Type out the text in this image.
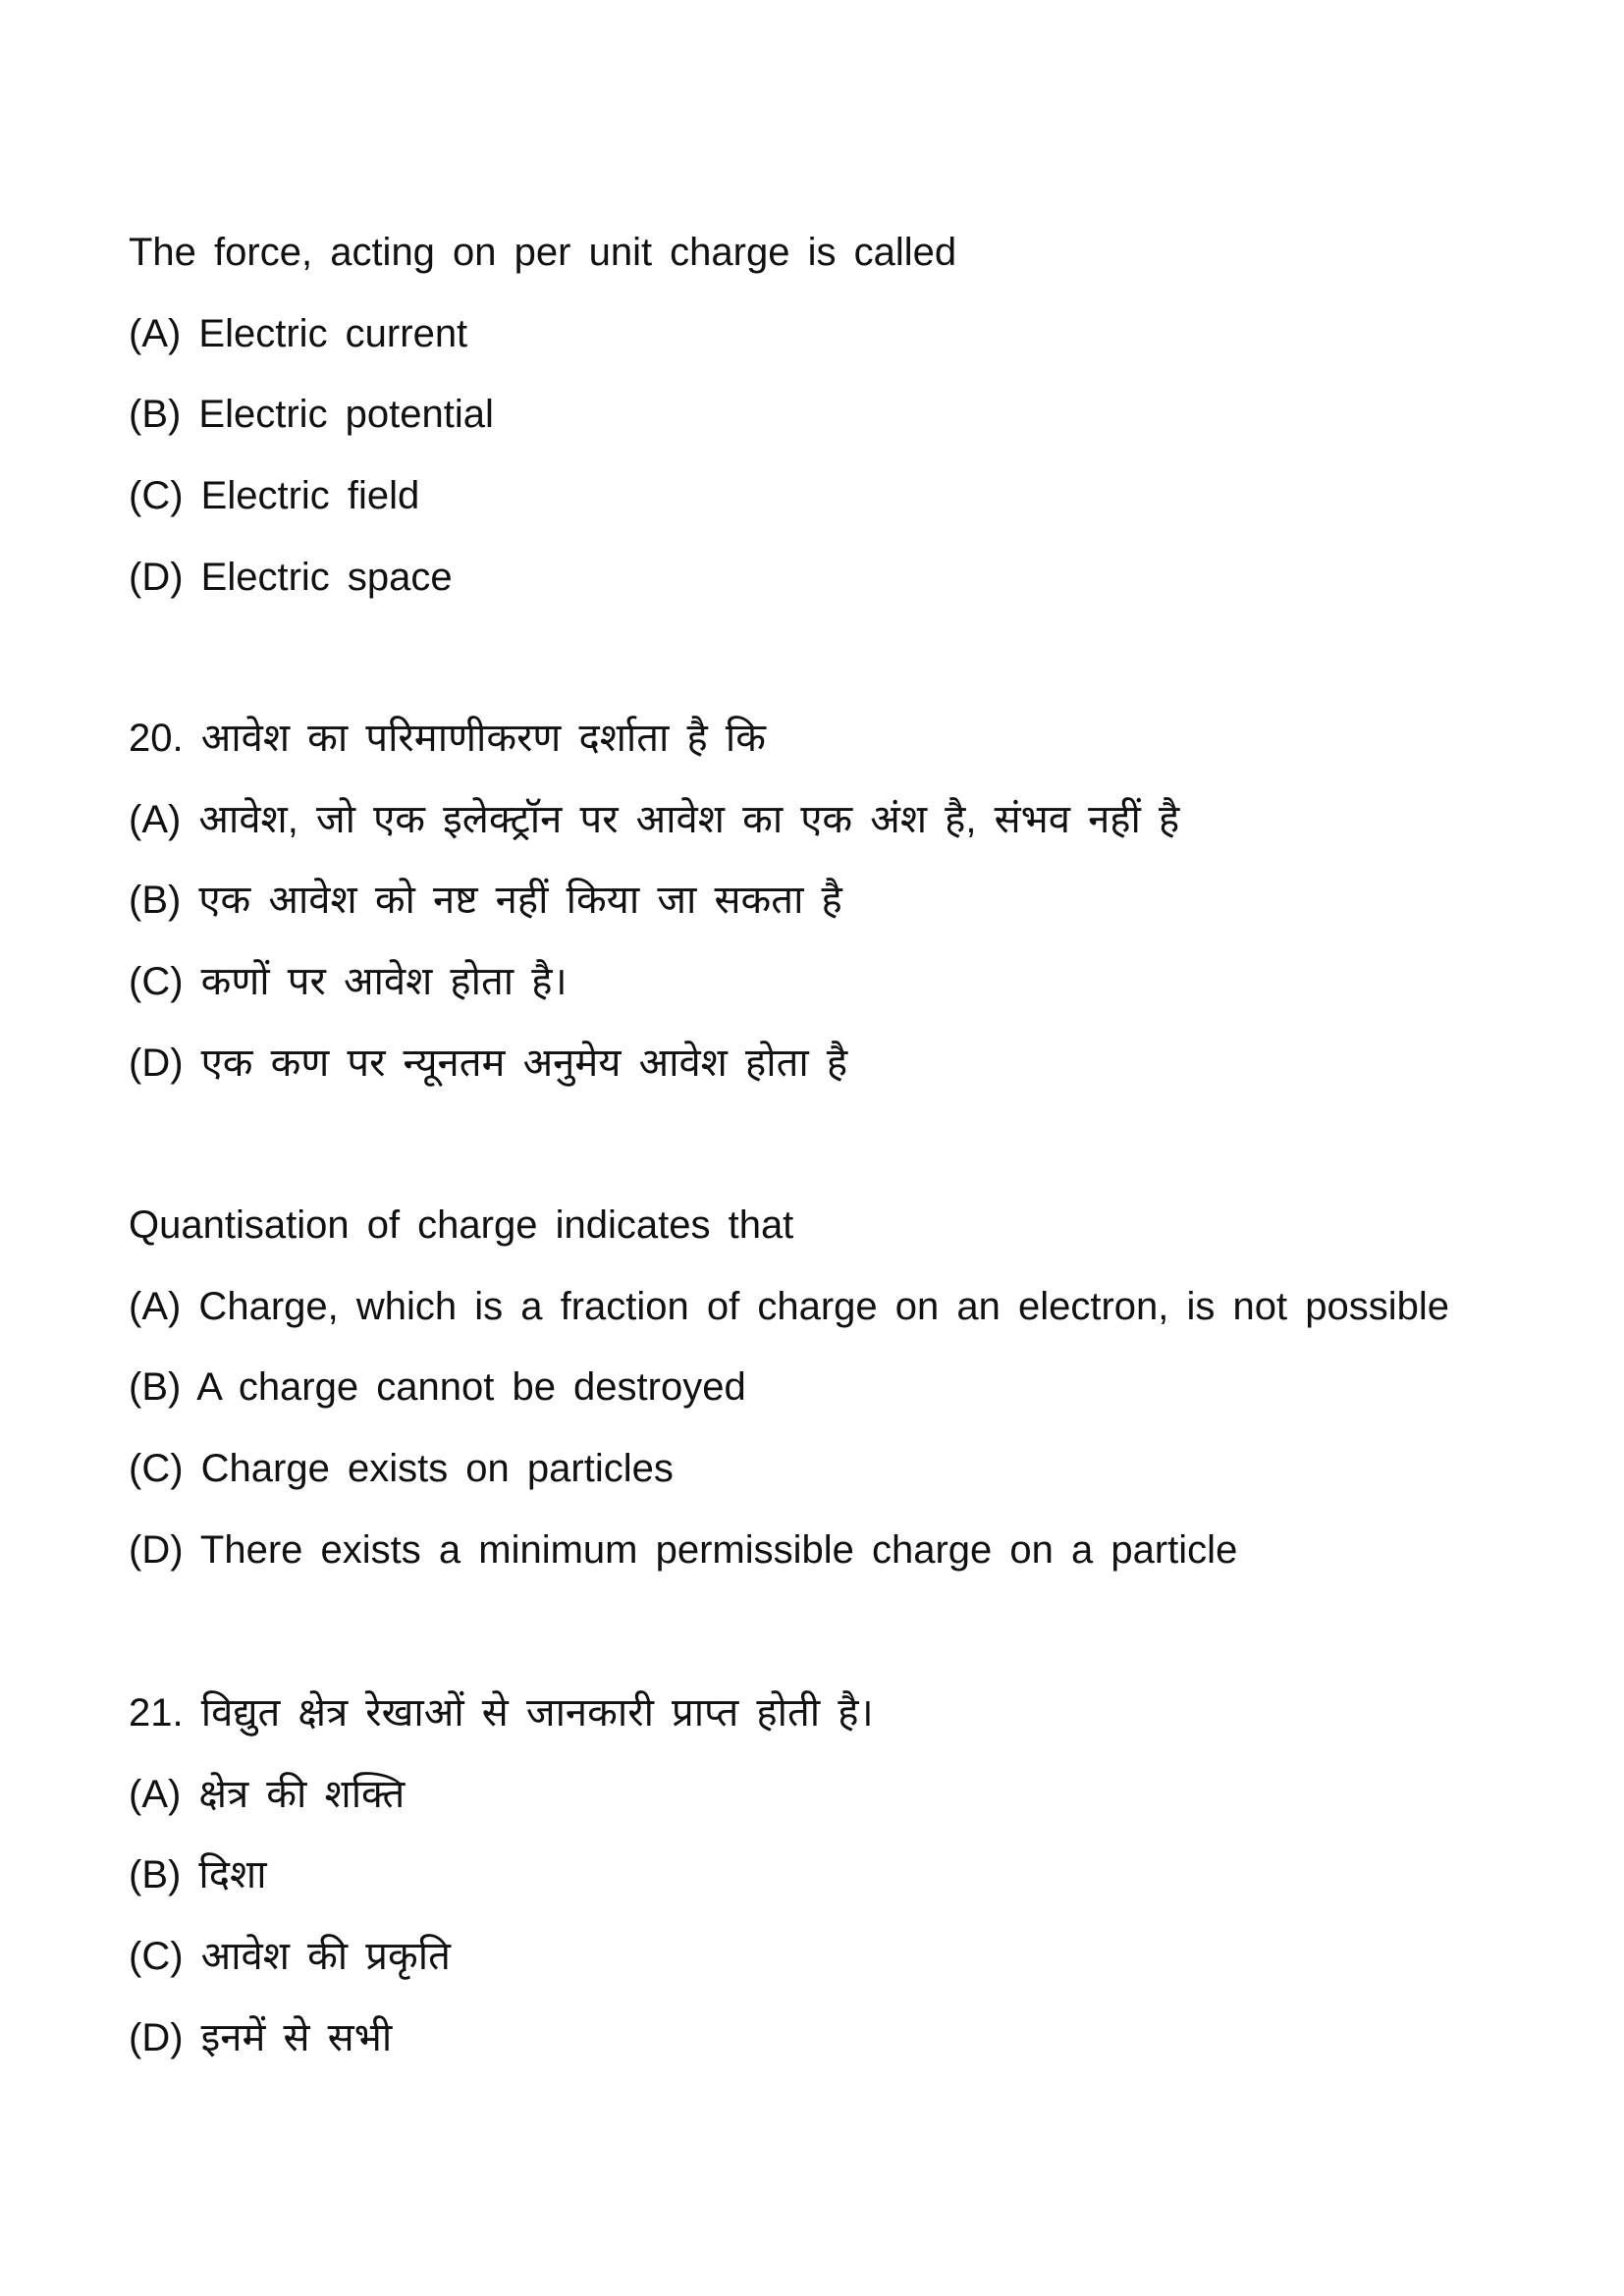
The force, acting on per unit charge is called
(A) Electric current
(B) Electric potential
(C) Electric field
(D) Electric space
20. आवेश का परिमाणीकरण दर्शाता है कि
(A) आवेश, जो एक इलेक्ट्रॉन पर आवेश का एक अंश है, संभव नहीं है
(B) एक आवेश को नष्ट नहीं किया जा सकता है
(C) कणों पर आवेश होता है।
(D) एक कण पर न्यूनतम अनुमेय आवेश होता है
Quantisation of charge indicates that
(A) Charge, which is a fraction of charge on an electron, is not possible
(B) A charge cannot be destroyed
(C) Charge exists on particles
(D) There exists a minimum permissible charge on a particle
21. विद्युत क्षेत्र रेखाओं से जानकारी प्राप्त होती है।
(A) क्षेत्र की शक्ति
(B) दिशा
(C) आवेश की प्रकृति
(D) इनमें से सभी
